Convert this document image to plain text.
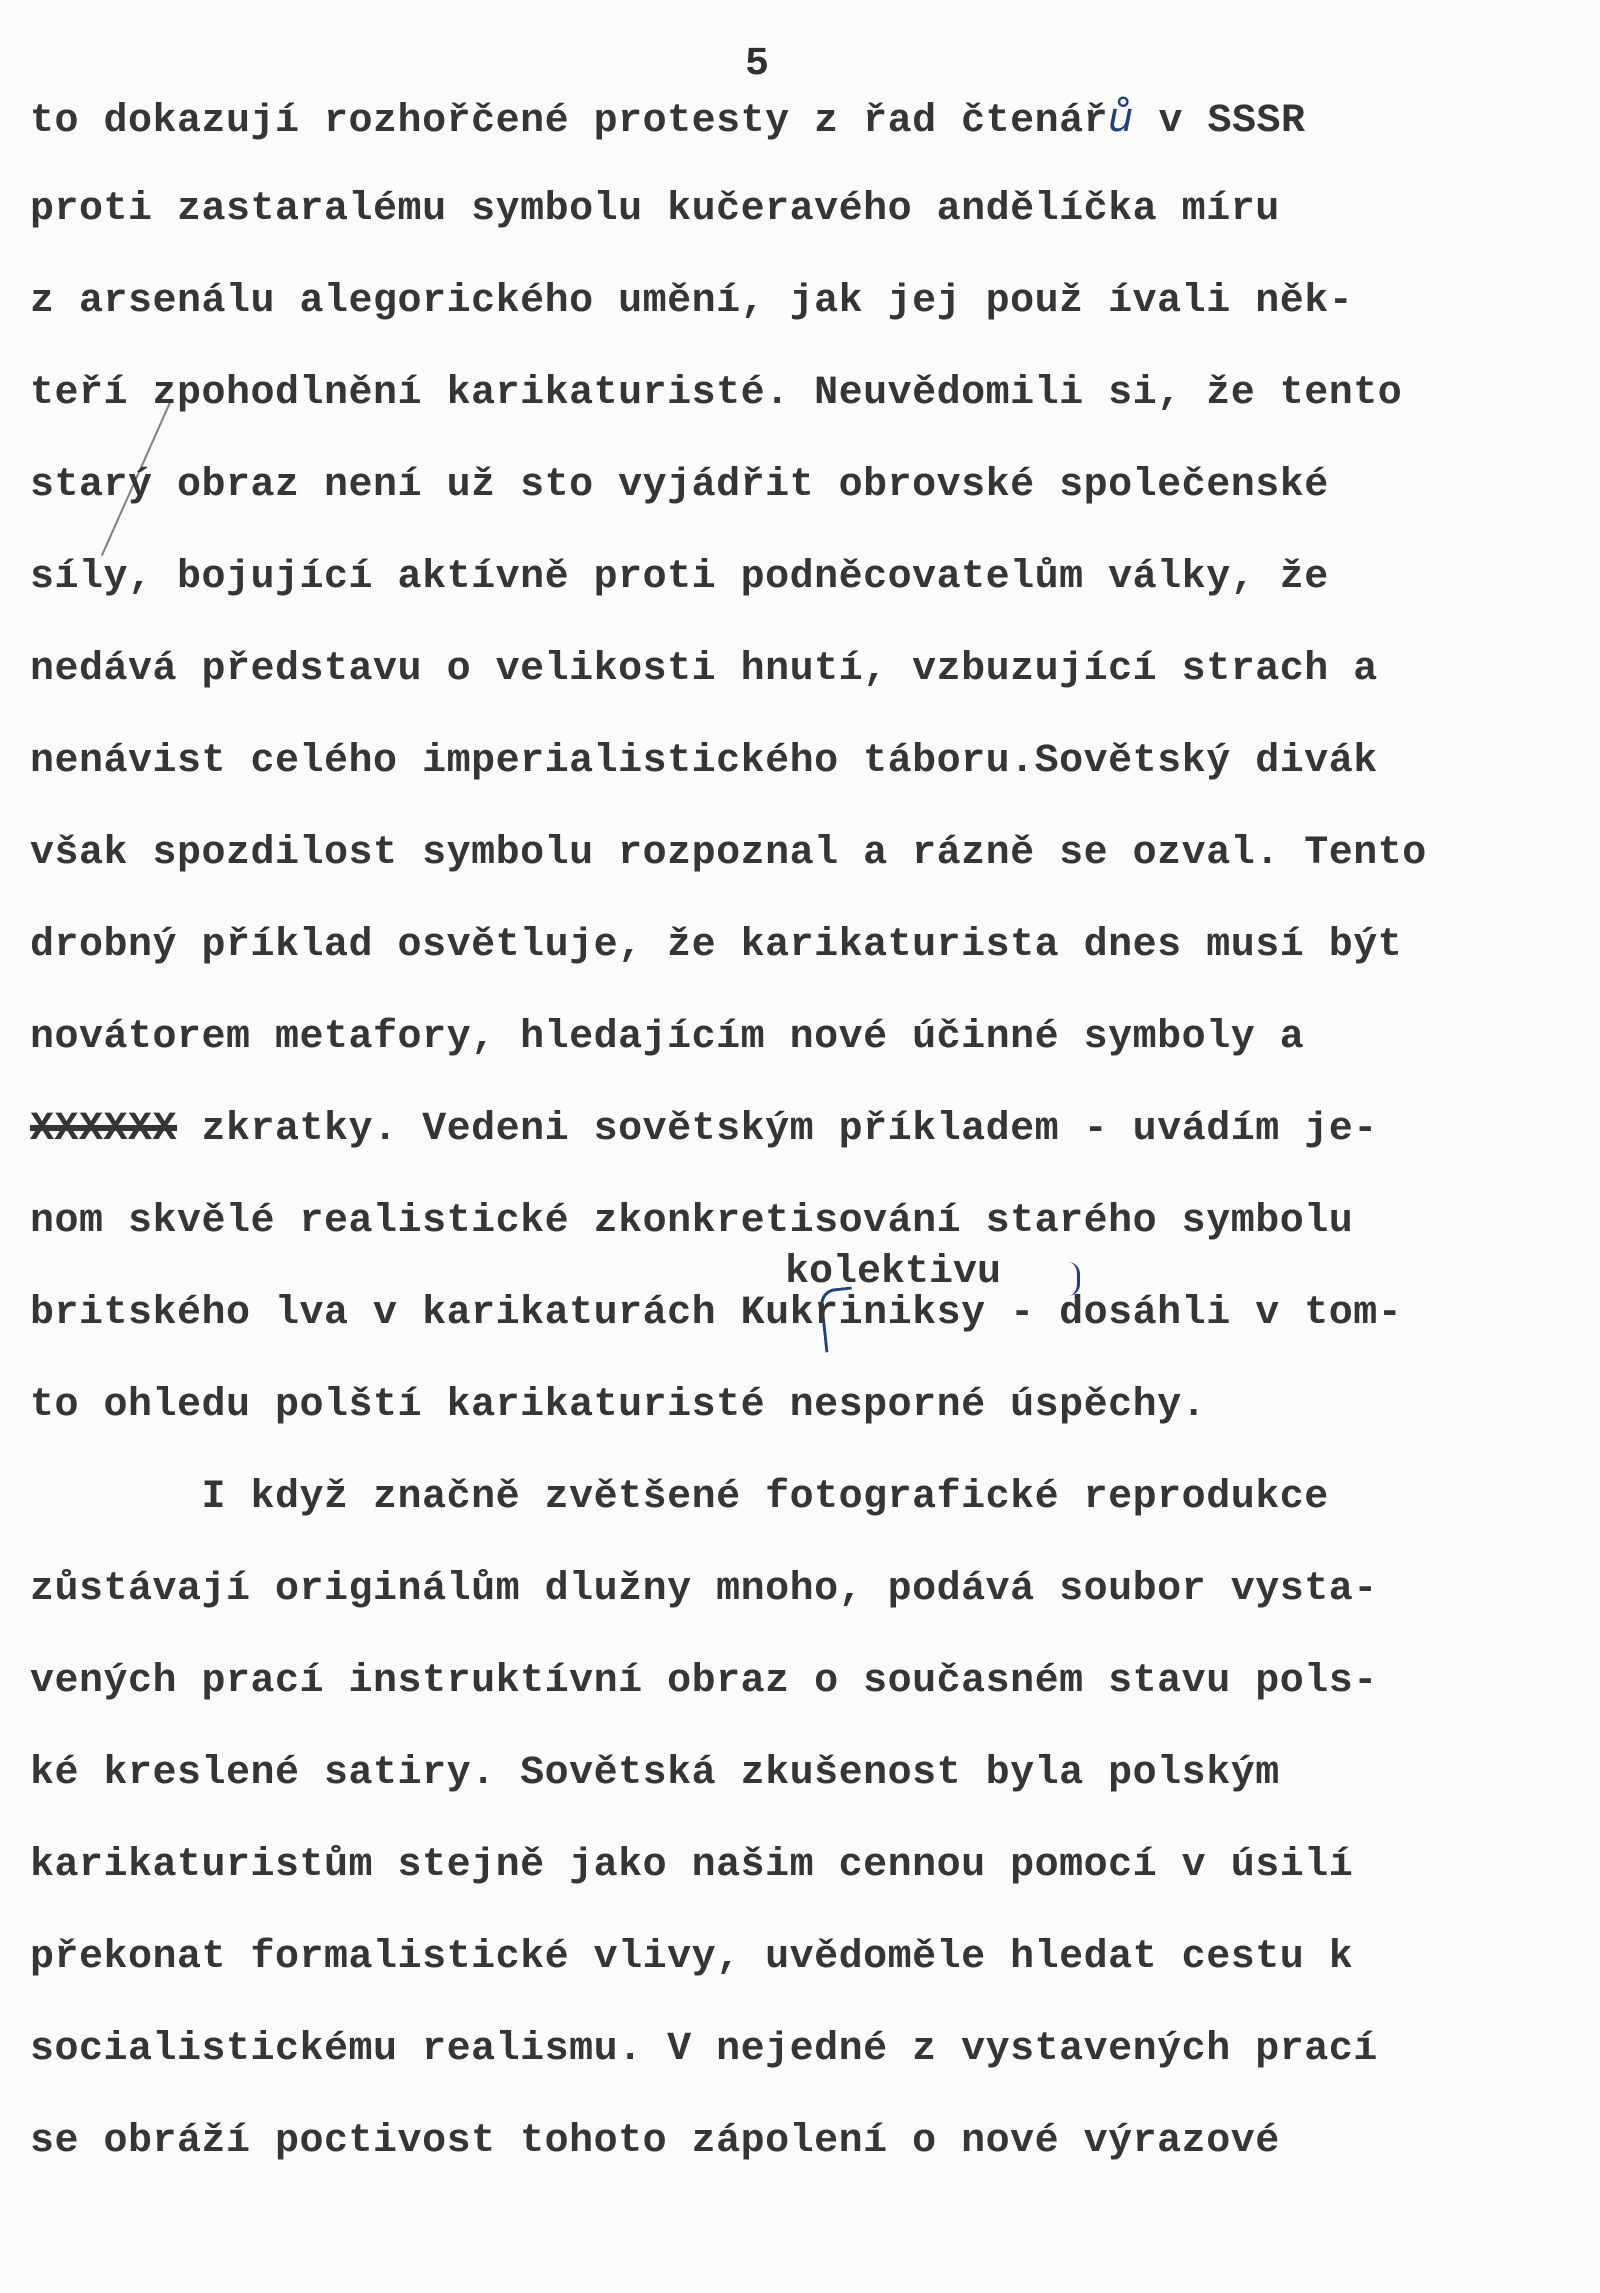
5
to dokazují rozhořčené protesty z řad čtenářů v SSSR
proti zastaralému symbolu kučeravého andělíčka míru
z arsenálu alegorického umění, jak jej použ ívali něk-
teří zpohodlnění karikaturisté. Neuvědomili si, že tento
starý obraz není už sto vyjádřit obrovské společenské
síly, bojující aktívně proti podněcovatelům války, že
nedává představu o velikosti hnutí, vzbuzující strach a
nenávist celého imperialistického táboru.Sovětský divák
však spozdilost symbolu rozpoznal a rázně se ozval. Tento
drobný příklad osvětluje, že karikaturista dnes musí být
novátorem metafory, hledajícím nové účinné symboly a
XXXXXX zkratky. Vedeni sovětským příkladem - uvádím je-
nom skvělé realistické zkonkretisování starého symbolu
kolektivu
britského lva v karikaturách Kukriniksy - dosáhli v tom-
to ohledu polští karikaturisté nesporné úspěchy.
I když značně zvětšené fotografické reprodukce
zůstávají originálům dlužny mnoho, podává soubor vysta-
vených prací instruktívní obraz o současném stavu pols-
ké kreslené satiry. Sovětská zkušenost byla polským
karikaturistům stejně jako našim cennou pomocí v úsilí
překonat formalistické vlivy, uvědoměle hledat cestu k
socialistickému realismu. V nejedné z vystavených prací
se obráží poctivost tohoto zápolení o nové výrazové
